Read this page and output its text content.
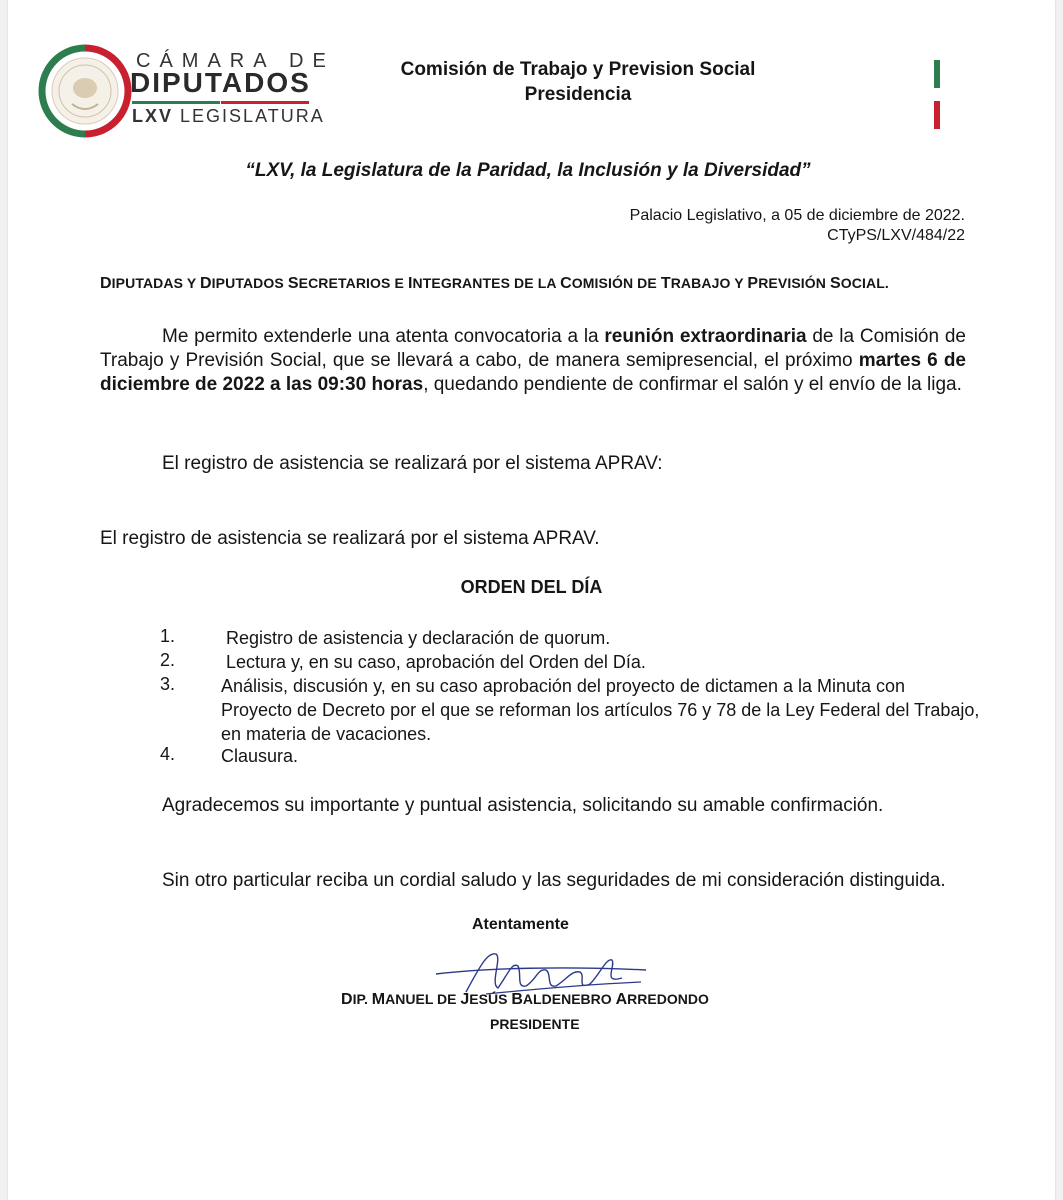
CÁMARA DE
DIPUTADOS
LXV LEGISLATURA
Comisión de Trabajo y Prevision Social
Presidencia
“LXV, la Legislatura de la Paridad, la Inclusión y la Diversidad”
Palacio Legislativo, a 05 de diciembre de 2022.
CTyPS/LXV/484/22
DIPUTADAS Y DIPUTADOS SECRETARIOS E INTEGRANTES DE LA COMISIÓN DE TRABAJO Y PREVISIÓN SOCIAL.
Me permito extenderle una atenta convocatoria a la reunión extraordinaria de la Comisión de Trabajo y Previsión Social, que se llevará a cabo, de manera semipresencial, el próximo martes 6 de diciembre de 2022 a las 09:30 horas, quedando pendiente de confirmar el salón y el envío de la liga.
El registro de asistencia se realizará por el sistema APRAV:
El registro de asistencia se realizará por el sistema APRAV.
ORDEN DEL DÍA
1.	Registro de asistencia y declaración de quorum.
2.	Lectura y, en su caso, aprobación del Orden del Día.
3.	Análisis, discusión y, en su caso aprobación del proyecto de dictamen a la Minuta con Proyecto de Decreto por el que se reforman los artículos 76 y 78 de la Ley Federal del Trabajo, en materia de vacaciones.
4.	Clausura.
Agradecemos su importante y puntual asistencia, solicitando su amable confirmación.
Sin otro particular reciba un cordial saludo y las seguridades de mi consideración distinguida.
Atentamente
DIP. MANUEL DE JESÚS BALDENEBRO ARREDONDO
PRESIDENTE
